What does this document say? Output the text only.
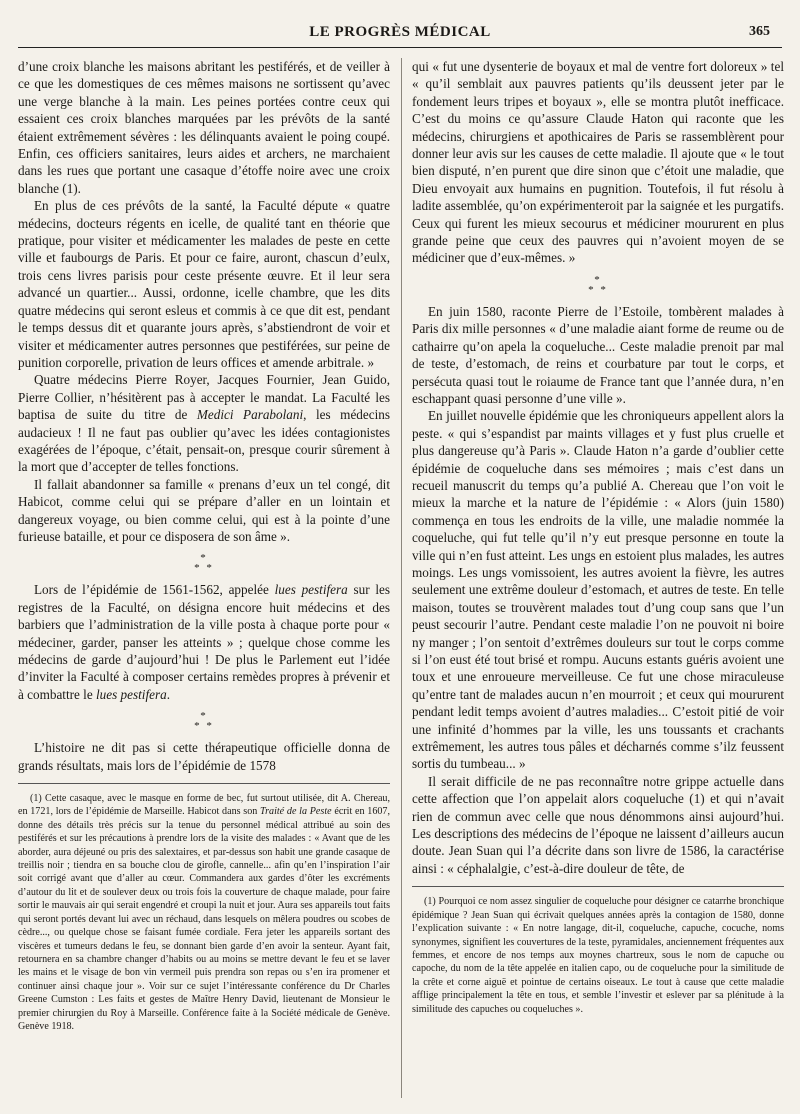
LE PROGRÈS MÉDICAL	365

d’une croix blanche les maisons abritant les pestiférés, et de veiller à ce que les domestiques de ces mêmes maisons ne sortissent qu’avec une verge blanche à la main. Les peines portées contre ceux qui essaient ces croix blanches marquées par les prévôts de la santé étaient extrêmement sévères : les délinquants avaient le poing coupé. Enfin, ces officiers sanitaires, leurs aides et archers, ne marchaient dans les rues que portant une casaque d’étoffe noire avec une croix blanche (1).

En plus de ces prévôts de la santé, la Faculté députe « quatre médecins, docteurs régents en icelle, de qualité tant en théorie que pratique, pour visiter et médicamenter les malades de peste en cette ville et faubourgs de Paris. Et pour ce faire, auront, chascun d’eulx, trois cens livres parisis pour ceste présente œuvre. Et il leur sera advancé un quartier... Aussi, ordonne, icelle chambre, que les dits quatre médecins qui seront esleus et commis à ce que dit est, pendant le temps dessus dit et quarante jours après, s’abstiendront de voir et visiter et médicamenter autres personnes que pestiférées, sur peine de punition corporelle, privation de leurs offices et amende arbitrale. »

Quatre médecins Pierre Royer, Jacques Fournier, Jean Guido, Pierre Collier, n’hésitèrent pas à accepter le mandat. La Faculté les baptisa de suite du titre de Medici Parabolani, les médecins audacieux ! Il ne faut pas oublier qu’avec les idées contagionistes exagérées de l’époque, c’était, pensait-on, presque courir sûrement à la mort que d’accepter de telles fonctions.

Il fallait abandonner sa famille « prenans d’eux un tel congé, dit Habicot, comme celui qui se prépare d’aller en un lointain et dangereux voyage, ou bien comme celui, qui est à la pointe d’une furieuse bataille, et pour ce disposera de son âme ».

*
* *

Lors de l’épidémie de 1561-1562, appelée lues pestifera sur les registres de la Faculté, on désigna encore huit médecins et des barbiers que l’administration de la ville posta à chaque porte pour « médeciner, garder, panser les atteints » ; quelque chose comme les médecins de garde d’aujourd’hui ! De plus le Parlement eut l’idée d’inviter la Faculté à composer certains remèdes propres à prévenir et à combattre le lues pestifera.

*
* *

L’histoire ne dit pas si cette thérapeutique officielle donna de grands résultats, mais lors de l’épidémie de 1578

(1) Cette casaque, avec le masque en forme de bec, fut surtout utilisée, dit A. Chereau, en 1721, lors de l’épidémie de Marseille. Habicot dans son Traité de la Peste écrit en 1607, donne des détails très précis sur la tenue du personnel médical attribué au soin des pestiférés et sur les précautions à prendre lors de la visite des malades : « Avant que de les aborder, aura déjeuné ou pris des salextaires, et par-dessus son habit une grande casaque de treillis noir ; tiendra en sa bouche clou de girofle, cannelle... afin qu’en l’inspiration l’air soit corrigé avant que d’aller au cœur. Commandera aux gardes d’ôter les excréments d’autour du lit et de soulever deux ou trois fois la couverture de chaque malade, pour faire sortir le mauvais air qui serait engendré et croupi la nuit et jour. Aura ses appareils tout faits qui seront portés devant lui avec un réchaud, dans lesquels on mêlera poudres ou scobes de cèdre..., ou quelque chose se faisant fumée cordiale. Fera jeter les appareils sortant des viscères et tumeurs dedans le feu, se donnant bien garde d’en avoir la senteur. Ayant fait, retournera en sa chambre changer d’habits ou au moins se mettre devant le feu et se laver les mains et le visage de bon vin vermeil puis prendra son repas ou s’en ira promener et continuer ainsi chaque jour ». Voir sur ce sujet l’intéressante conférence du Dr Charles Greene Cumston : Les faits et gestes de Maître Henry David, lieutenant de Monsieur le premier chirurgien du Roy à Marseille. Conférence faite à la Société médicale de Genève. Genève 1918.

qui « fut une dysenterie de boyaux et mal de ventre fort doloreux » tel « qu’il semblait aux pauvres patients qu’ils deussent jeter par le fondement leurs tripes et boyaux », elle se montra plutôt inefficace. C’est du moins ce qu’assure Claude Haton qui raconte que les médecins, chirurgiens et apothicaires de Paris se rassemblèrent pour donner leur avis sur les causes de cette maladie. Il ajoute que « le tout bien disputé, n’en purent que dire sinon que c’étoit une maladie, que Dieu envoyait aux humains en pugnition. Toutefois, il fut résolu à ladite assemblée, qu’on expérimenteroit par la saignée et les purgatifs. Ceux qui furent les mieux secourus et médiciner moururent en plus grande peine que ceux des pauvres qui n’avoient moyen de se médiciner que d’eux-mêmes. »

*
* *

En juin 1580, raconte Pierre de l’Estoile, tombèrent malades à Paris dix mille personnes « d’une maladie aiant forme de reume ou de cathairre qu’on apela la coqueluche... Ceste maladie prenoit par mal de teste, d’estomach, de reins et courbature par tout le corps, et persécuta quasi tout le roiaume de France tant que l’année dura, n’en eschappant quasi personne d’une ville ».

En juillet nouvelle épidémie que les chroniqueurs appellent alors la peste. « qui s’espandist par maints villages et y fust plus cruelle et plus dangereuse qu’à Paris ». Claude Haton n’a garde d’oublier cette épidémie de coqueluche dans ses mémoires ; mais c’est dans un recueil manuscrit du temps qu’a publié A. Chereau que l’on voit le mieux la marche et la nature de l’épidémie : « Alors (juin 1580) commença en tous les endroits de la ville, une maladie nommée la coqueluche, qui fut telle qu’il n’y eut presque personne en toute la ville qui n’en fust atteint. Les ungs en estoient plus malades, les autres moings. Les ungs vomissoient, les autres avoient la fièvre, les autres seulement une extrême douleur d’estomach, et autres de teste. En telle maison, toutes se trouvèrent malades tout d’ung coup sans que l’un peust secourir l’autre. Pendant ceste maladie l’on ne pouvoit ni boire ny manger ; l’on sentoit d’extrêmes douleurs sur tout le corps comme si l’on eust été tout brisé et rompu. Aucuns estants guéris avoient une toux et une enroueure merveilleuse. Ce fut une chose miraculeuse qu’entre tant de malades aucun n’en mourroit ; et ceux qui moururent pendant ledit temps avoient d’autres maladies... C’estoit pitié de voir une infinité d’hommes par la ville, les uns toussants et crachants extrêmement, les autres tous pâles et décharnés comme s’ilz feussent sortis du tumbeau... »

Il serait difficile de ne pas reconnaître notre grippe actuelle dans cette affection que l’on appelait alors coqueluche (1) et qui n’avait rien de commun avec celle que nous dénommons ainsi aujourd’hui. Les descriptions des médecins de l’époque ne laissent d’ailleurs aucun doute. Jean Suan qui l’a décrite dans son livre de 1586, la caractérise ainsi : « céphalalgie, c’est-à-dire douleur de tête, de

(1) Pourquoi ce nom assez singulier de coqueluche pour désigner ce catarrhe bronchique épidémique ? Jean Suan qui écrivait quelques années après la contagion de 1580, donne l’explication suivante : « En notre langage, dit-il, coqueluche, capuche, cocuche, noms synonymes, signifient les couvertures de la teste, pyramidales, anciennement fréquentes aux femmes, et encore de nos temps aux moynes chartreux, sous le nom de capuche ou capoche, du nom de la tête appelée en italien capo, ou de coqueluche pour la similitude de la crête et corne aiguë et pointue de certains oiseaux. Le tout à cause que cette maladie afflige principalement la tête en tous, et semble l’investir et eslever par sa plénitude à la similitude des capuches ou coqueluches ».
